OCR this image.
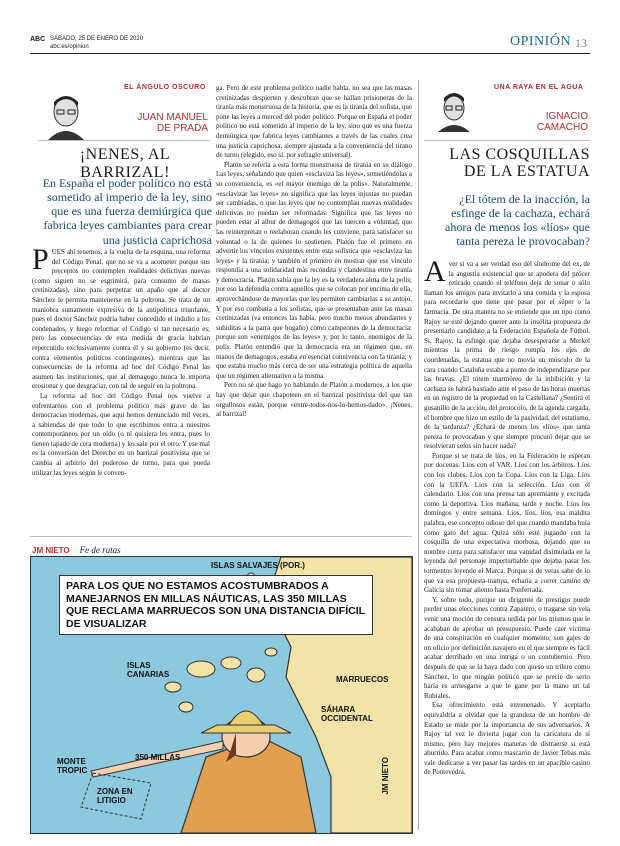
ABC SÁBADO, 25 DE ENERO DE 2020
abc.es/opinion	OPINIÓN 13
EL ÁNGULO OSCURO
JUAN MANUEL
DE PRADA
¡NENES, AL BARRIZAL!
En España el poder político no está sometido al imperio de la ley, sino que es una fuerza demiúrgica que fabrica leyes cambiantes para crear una justicia caprichosa
P UES ahí tenemos, a la vuelta de la esquina, una reforma del Código Penal, que no se va a acometer porque sus preceptos no contemplen realidades delictivas nuevas (como siguen no se esgrimirá, para consumo de masas cretinizadas), sino para perpetrar un apaño que al doctor Sánchez le permita mantenerse en la poltrona. Se trata de un maniobra sumamente expresiva de la antipolítica triunfante, pues el doctor Sánchez podría haber concedido el indulto a los condenados, y luego reformar el Código si tan necesario es; pero las consecuencias de esta medida de gracia habrían repercutido exclusivamente contra él y su gobierno (es decir, contra elementos políticos contingentes), mientras que las consecuencias de la reforma ad hoc del Código Penal las asumen las instituciones, que al demagogo nunca le importa erosionar y que desgraciar, con tal de seguir en la poltrona.

La reforma ad hoc del Código Penal nos vuelve a enfrentarnos con el problema político más grave de las democracias modernas, que aquí hemos denunciado mil veces, a sabiendas de que todo lo que escribimos entra a nuestros contemporáneos por un oído (o ni quisiera les entra, pues lo tienen tapado de cera moderna) y les sale por el otro. Y ese mal es la conversión del Derecho en un barrizal positivista que se cambia al arbitrio del poderoso de turno, para que pueda utilizar las leyes según le conven-

ga. Pero de este problema político nadie habla, no sea que las masas cretinizadas despierten y descubran que se hallan prisioneras de la tiranía más monstruosa de la historia, que es la tiranía del sofista, que pone las leyes a merced del poder político. Porque en España el poder político no está sometido al imperio de la ley, sino que es una fuerza demiúrgica que fabrica leyes cambiantes a través de las cuales crea una justicia caprichosa, siempre ajustada a la conveniencia del tirano de turno (elegido, eso sí, por sufragio universal).

Platón se refería a esta forma monstruosa de tiranía en su diálogo Las leyes, señalando que quien «esclaviza las leyes», sometiéndolas a su conveniencia, es «el mayor enemigo de la polis». Naturalmente, «esclavizar las leyes» no significa que las leyes injustas no puedan ser cambiadas, o que las leyes que no contemplan nuevas realidades delictivas no puedan ser reformadas. Significa que las leyes no pueden estar al albur de demagogos que las tuercen a voluntad, que las reinterpretan o reelaboran cuando les conviene, para satisfacer su voluntad o la de quienes lo sostienen. Platón fue el primero en advertir los vínculos existentes entre esta sofística que «esclaviza las leyes» y la tiranía; y también el primero en mostrar que ese vínculo respondía a una solidaridad más recóndita y clandestina entre tiranía y democracia. Platón sabía que la ley es la verdadera alma de la polis; por eso la defendía contra aquellos que se colocan por encima de ella, aprovechándose de mayorías que les permiten cambiarlas a su antojo. Y por eso combatía a los sofistas, que se presentaban ante las masas cretinizadas (va entonces las había, pero mucho menos abundantes y subiditas a la parra que hogaño) como campeones de la democracia: porque son «enemigos de las leyes» y, por lo tanto, enemigos de la polis. Platón entendió que la democracia era un régimen que, en manos de demagogos, estaba en esencial connivencia con la tiranía; y que estaba mucho más cerca de ser una estrategia política de aquella que un régimen alternativo a la misma.

Pero no sé que hago yo hablando de Platón a modernos, a los que hay que dejar que chapoteen en el barrizal positivista del que tan orgullosos están, porque «entre-todos-nos-lo-hemos-dado». ¡Nenes, al barrizal!

JM NIETO Fe de ratas
PARA LOS QUE NO ESTAMOS ACOSTUMBRADOS A MANEJARNOS EN MILLAS NÁUTICAS, LAS 350 MILLAS QUE RECLAMA MARRUECOS SON UNA DISTANCIA DIFÍCIL DE VISUALIZAR
ISLAS SALVAJES (POR.)
ISLAS CANARIAS
MARRUECOS
SÁHARA OCCIDENTAL
MONTE TROPIC
350 MILLAS
ZONA EN LITIGIO
JM NIETO
UNA RAYA EN EL AGUA
IGNACIO
CAMACHO
LAS COSQUILLAS
DE LA ESTATUA
¿El tótem de la inacción, la esfinge de la cachaza, echará ahora de menos los «líos» que tanta pereza le provocaban?
A ver si va a ser verdad eso del síndrome del ex, de la angustia existencial que se apodera del prócer retirado cuando el teléfono deja de sonar o sólo llaman los amigos para invitarlo a una comida y la esposa para recordarle que tiene que pasar por el súper o la farmacia. De otra manera no se entiende que un tipo como Rajoy se esté dejando querer ante la insólita propuesta de presentarlo candidato a la Federación Española de Fútbol. Si, Rajoy, la esfinge que dejaba desesperarse a Merkel mientras la prima de riesgo rompía los ejes de coordenadas, la estatua que no movía un músculo de la cara cuando Cataluña estaba a punto de independizarse por las bravas. ¿El tótem marmóreo de la inhibición y la cachaza se habrá hastiado ante el paso de las horas muertas en un registro de la propiedad en la Castellana? ¿Sentirá el gusanillo de la acción, del protocolo, de la agenda cargada, el hombre que hizo un estilo de la pasividad, del estatismo, de la tardanza? ¿Echará de menos los «líos» que tanta pereza le provocaban y que siempre procuró dejar que se resolvieran solos sin hacer nada?

Porque si se trata de líos, en la Federación le esperan por docenas. Líos con el VAR. Líos con los árbitros. Líos con los clubes. Líos con la Copa. Líos con la Liga. Líos con la UEFA. Líos con la selección. Líos con el calendario. Líos con una prensa tan apremiante y excitada como la deportiva. Líos mañana, tarde y noche. Líos los domingos y entre semana. Líos, líos, líos, esa maldita palabra, ese concepto odioso del que cuando mandaba huía como gato del agua. Quizá sólo esté jugando con la cosquilla de una expectativa morbosa, dejando que su nombre corra para satisfacer una vanidad disimulada en la leyenda del personaje imperturbable que dejaba pasar los tormentos leyendo el Marca. Porque si de veras sabe de lo que va esa propuesta-trampa, echaría a correr camino de Galicia sin tomar aliento hasta Ponferrada.

Y, sobre todo, porque un dirigente de prestigio puede perder unas elecciones contra Zapatero, o tragarse sin vela venir una moción de censura urdida por los mismos que le acababan de aprobar un presupuesto. Puede caer víctima de una conspiración en cualquier momento; son gajes de un oficio por definición navajero en el que siempre es fácil acabar derribado en una intriga o un contubernio. Pero después de que se la haya dado con queso un trilero como Sánchez, lo que ningún político que se precie de serio haría es arriesgarse a que le gane por la mano un tal Rubiales.

Esa ofrecimiento está envenenado. Y aceptarlo equivaldría a olvidar que la grandeza de un hombre de Estado se mide por la importancia de sus adversarios. A Rajoy tal vez le divierta jugar con la caricatura de sí mismo, pero hay mejores maneras de distraerse si está aburrido. Para acabar como mascarón de Javier Tebas más vale dedicarse a ver pasar las tardes en un apacible casino de Pontevedra.
